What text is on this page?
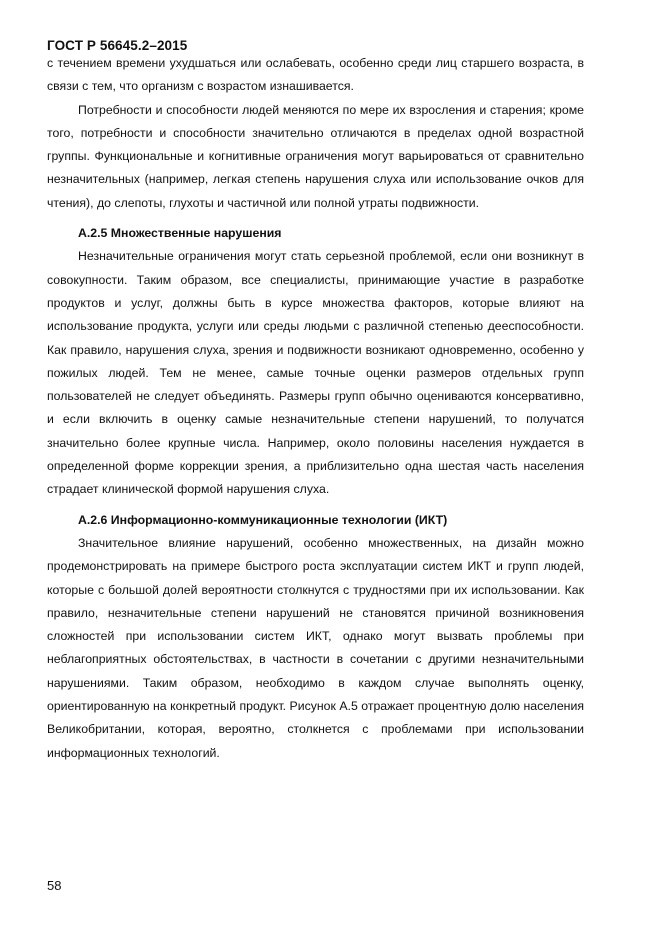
ГОСТ Р 56645.2–2015

с течением времени ухудшаться или ослабевать, особенно среди лиц старшего возраста, в связи с тем, что организм с возрастом изнашивается.

Потребности и способности людей меняются по мере их взросления и старения; кроме того, потребности и способности значительно отличаются в пределах одной возрастной группы. Функциональные и когнитивные ограничения могут варьироваться от сравнительно незначительных (например, легкая степень нарушения слуха или использование очков для чтения), до слепоты, глухоты и частичной или полной утраты подвижности.

А.2.5 Множественные нарушения

Незначительные ограничения могут стать серьезной проблемой, если они возникнут в совокупности. Таким образом, все специалисты, принимающие участие в разработке продуктов и услуг, должны быть в курсе множества факторов, которые влияют на использование продукта, услуги или среды людьми с различной степенью дееспособности. Как правило, нарушения слуха, зрения и подвижности возникают одновременно, особенно у пожилых людей. Тем не менее, самые точные оценки размеров отдельных групп пользователей не следует объединять. Размеры групп обычно оцениваются консервативно, и если включить в оценку самые незначительные степени нарушений, то получатся значительно более крупные числа. Например, около половины населения нуждается в определенной форме коррекции зрения, а приблизительно одна шестая часть населения страдает клинической формой нарушения слуха.

А.2.6 Информационно-коммуникационные технологии (ИКТ)

Значительное влияние нарушений, особенно множественных, на дизайн можно продемонстрировать на примере быстрого роста эксплуатации систем ИКТ и групп людей, которые с большой долей вероятности столкнутся с трудностями при их использовании. Как правило, незначительные степени нарушений не становятся причиной возникновения сложностей при использовании систем ИКТ, однако могут вызвать проблемы при неблагоприятных обстоятельствах, в частности в сочетании с другими незначительными нарушениями. Таким образом, необходимо в каждом случае выполнять оценку, ориентированную на конкретный продукт. Рисунок А.5 отражает процентную долю населения Великобритании, которая, вероятно, столкнется с проблемами при использовании информационных технологий.

58
